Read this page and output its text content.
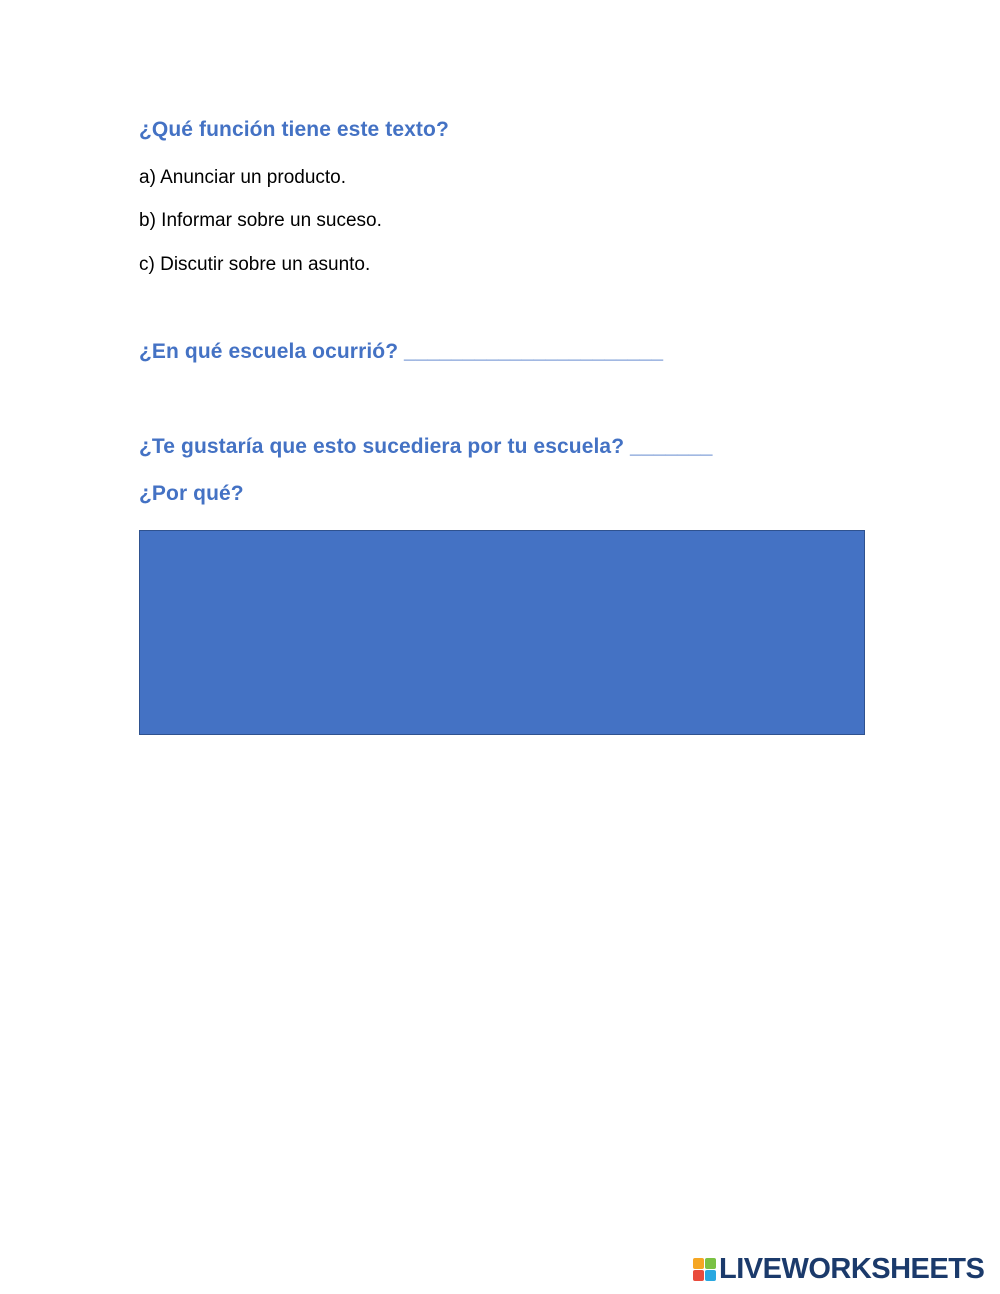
¿Qué función tiene este texto?

a) Anunciar un producto.

b) Informar sobre un suceso.

c) Discutir sobre un asunto.

¿En qué escuela ocurrió? ______________________

¿Te gustaría que esto sucediera por tu escuela? _______

¿Por qué?

LIVEWORKSHEETS
